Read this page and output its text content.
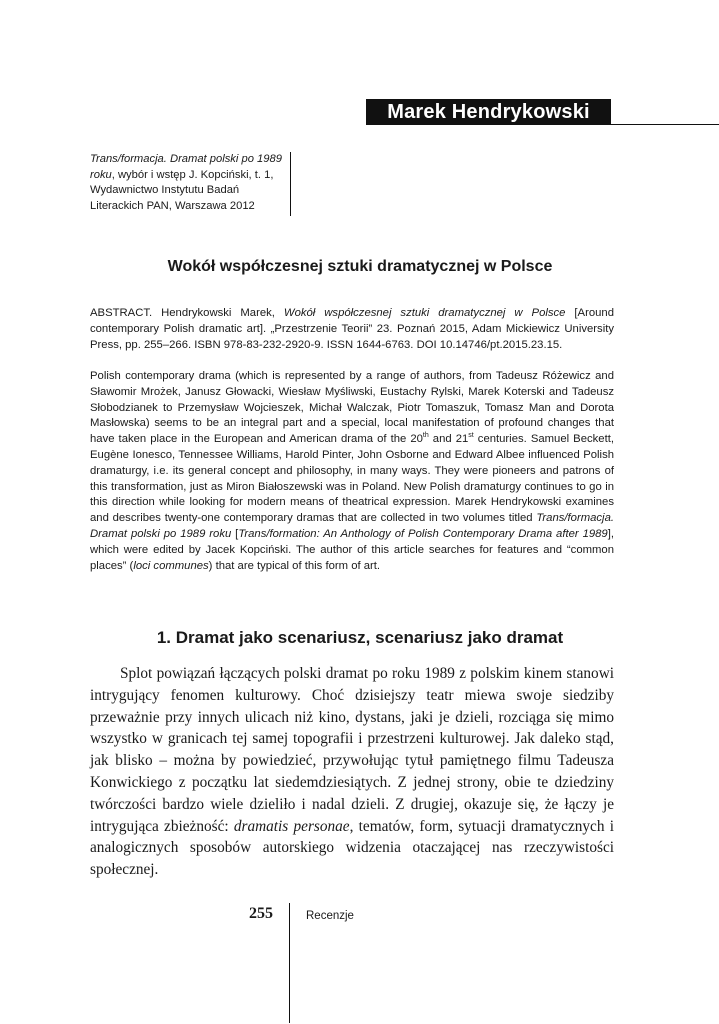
Marek Hendrykowski
Trans/formacja. Dramat polski po 1989 roku, wybór i wstęp J. Kopciński, t. 1, Wydawnictwo Instytutu Badań Literackich PAN, Warszawa 2012
Wokół współczesnej sztuki dramatycznej w Polsce
ABSTRACT. Hendrykowski Marek, Wokół współczesnej sztuki dramatycznej w Polsce [Around contemporary Polish dramatic art]. „Przestrzenie Teorii” 23. Poznań 2015, Adam Mickiewicz University Press, pp. 255–266. ISBN 978-83-232-2920-9. ISSN 1644-6763. DOI 10.14746/pt.2015.23.15.
Polish contemporary drama (which is represented by a range of authors, from Tadeusz Różewicz and Sławomir Mrożek, Janusz Głowacki, Wiesław Myśliwski, Eustachy Rylski, Marek Koterski and Tadeusz Słobodzianek to Przemysław Wojcieszek, Michał Walczak, Piotr Tomaszuk, Tomasz Man and Dorota Masłowska) seems to be an integral part and a special, local manifestation of profound changes that have taken place in the European and American drama of the 20th and 21st centuries. Samuel Beckett, Eugène Ionesco, Tennessee Williams, Harold Pinter, John Osborne and Edward Albee influenced Polish dramaturgy, i.e. its general concept and philosophy, in many ways. They were pioneers and patrons of this transformation, just as Miron Białoszewski was in Poland. New Polish dramaturgy continues to go in this direction while looking for modern means of theatrical expression. Marek Hendrykowski examines and describes twenty-one contemporary dramas that are collected in two volumes titled Trans/formacja. Dramat polski po 1989 roku [Trans/formation: An Anthology of Polish Contemporary Drama after 1989], which were edited by Jacek Kopciński. The author of this article searches for features and “common places” (loci communes) that are typical of this form of art.
1. Dramat jako scenariusz, scenariusz jako dramat

Splot powiązań łączących polski dramat po roku 1989 z polskim kinem stanowi intrygujący fenomen kulturowy. Choć dzisiejszy teatr miewa swoje siedziby przeważnie przy innych ulicach niż kino, dystans, jaki je dzieli, rozciąga się mimo wszystko w granicach tej samej topografii i przestrzeni kulturowej. Jak daleko stąd, jak blisko – można by powiedzieć, przywołując tytuł pamiętnego filmu Tadeusza Konwickiego z początku lat siedemdziesiątych. Z jednej strony, obie te dziedziny twórczości bardzo wiele dzieliło i nadal dzieli. Z drugiej, okazuje się, że łączy je intrygująca zbieżność: dramatis personae, tematów, form, sytuacji dramatycznych i analogicznych sposobów autorskiego widzenia otaczającej nas rzeczywistości społecznej.

255	Recenzje
